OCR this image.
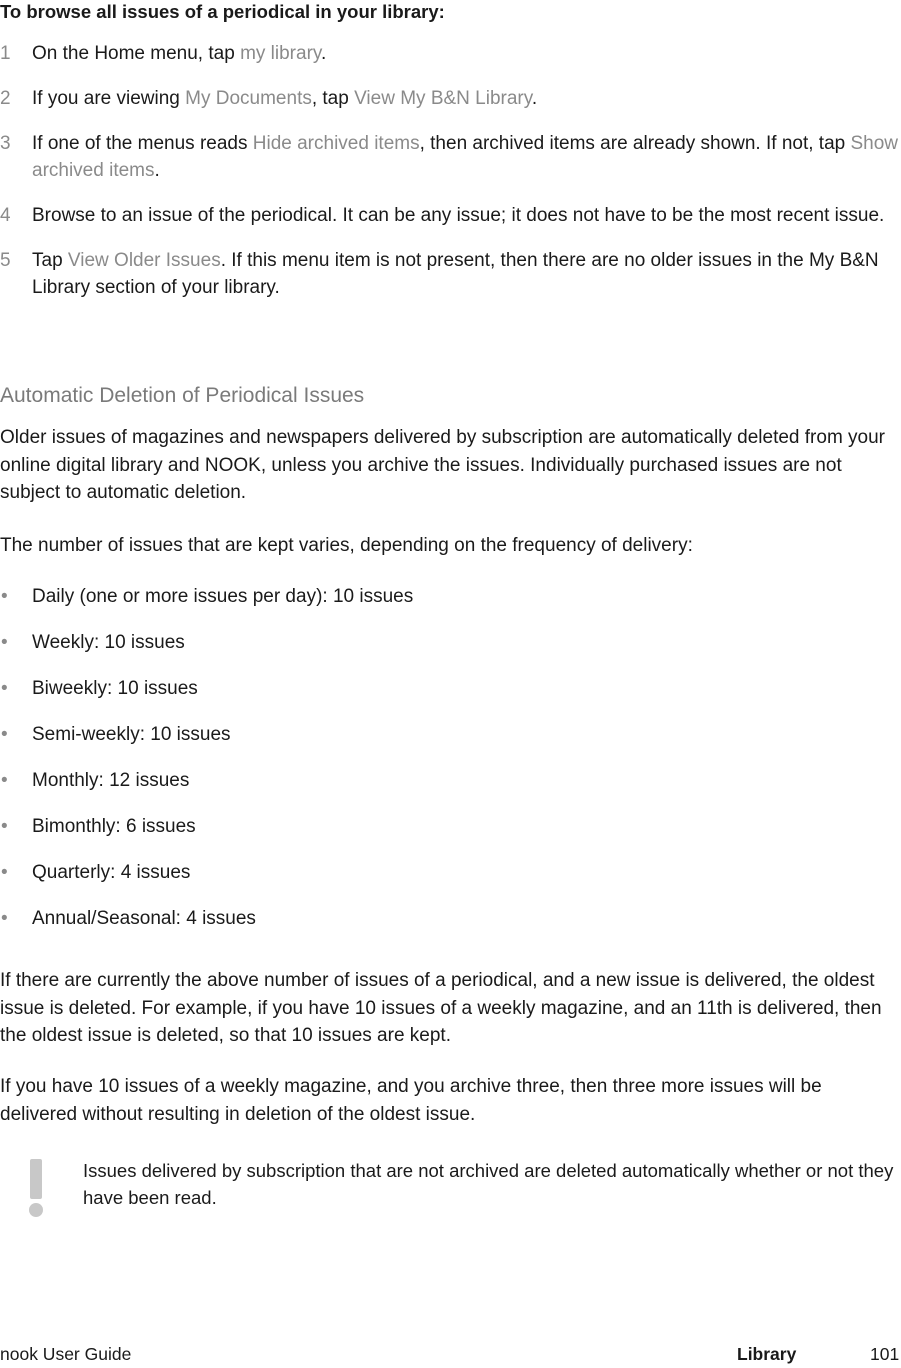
To browse all issues of a periodical in your library:
1 On the Home menu, tap my library.
2 If you are viewing My Documents, tap View My B&N Library.
3 If one of the menus reads Hide archived items, then archived items are already shown. If not, tap Show archived items.
4 Browse to an issue of the periodical. It can be any issue; it does not have to be the most recent issue.
5 Tap View Older Issues. If this menu item is not present, then there are no older issues in the My B&N Library section of your library.
Automatic Deletion of Periodical Issues

Older issues of magazines and newspapers delivered by subscription are automatically deleted from your online digital library and NOOK, unless you archive the issues. Individually purchased issues are not subject to automatic deletion.

The number of issues that are kept varies, depending on the frequency of delivery:

• Daily (one or more issues per day): 10 issues
• Weekly: 10 issues
• Biweekly: 10 issues
• Semi-weekly: 10 issues
• Monthly: 12 issues
• Bimonthly: 6 issues
• Quarterly: 4 issues
• Annual/Seasonal: 4 issues

If there are currently the above number of issues of a periodical, and a new issue is delivered, the oldest issue is deleted. For example, if you have 10 issues of a weekly magazine, and an 11th is delivered, then the oldest issue is deleted, so that 10 issues are kept.

If you have 10 issues of a weekly magazine, and you archive three, then three more issues will be delivered without resulting in deletion of the oldest issue.

Issues delivered by subscription that are not archived are deleted automatically whether or not they have been read.

nook User Guide	Library	101
